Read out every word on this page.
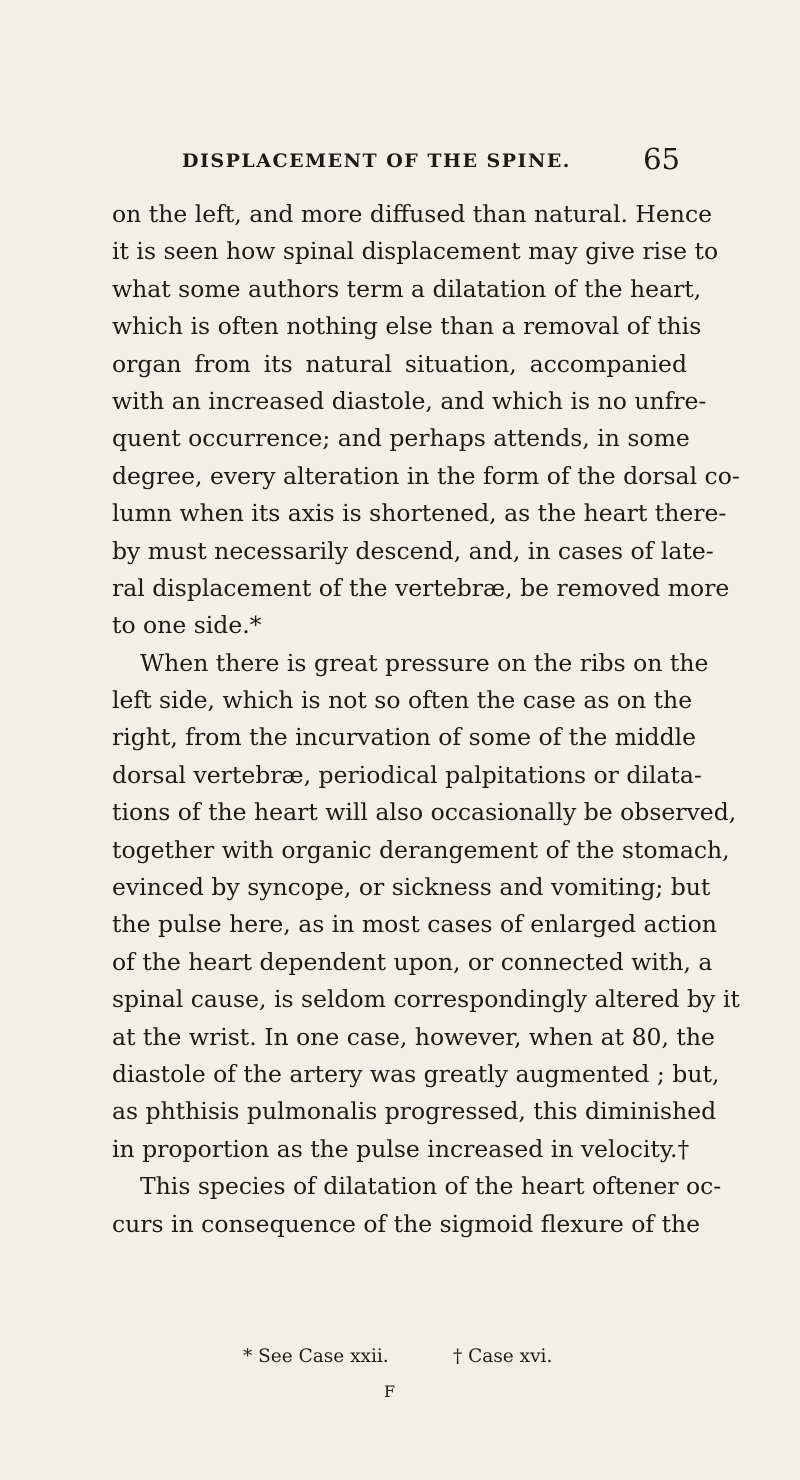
DISPLACEMENT OF THE SPINE. 65
on the left, and more diffused than natural. Hence
it is seen how spinal displacement may give rise to
what some authors term a dilatation of the heart,
which is often nothing else than a removal of this
organ from its natural situation, accompanied
with an increased diastole, and which is no unfre-
quent occurrence; and perhaps attends, in some
degree, every alteration in the form of the dorsal co-
lumn when its axis is shortened, as the heart there-
by must necessarily descend, and, in cases of late-
ral displacement of the vertebræ, be removed more
to one side.*
When there is great pressure on the ribs on the
left side, which is not so often the case as on the
right, from the incurvation of some of the middle
dorsal vertebræ, periodical palpitations or dilata-
tions of the heart will also occasionally be observed,
together with organic derangement of the stomach,
evinced by syncope, or sickness and vomiting; but
the pulse here, as in most cases of enlarged action
of the heart dependent upon, or connected with, a
spinal cause, is seldom correspondingly altered by it
at the wrist. In one case, however, when at 80, the
diastole of the artery was greatly augmented ; but,
as phthisis pulmonalis progressed, this diminished
in proportion as the pulse increased in velocity.†
This species of dilatation of the heart oftener oc-
curs in consequence of the sigmoid flexure of the
* See Case xxii.	† Case xvi.
F
